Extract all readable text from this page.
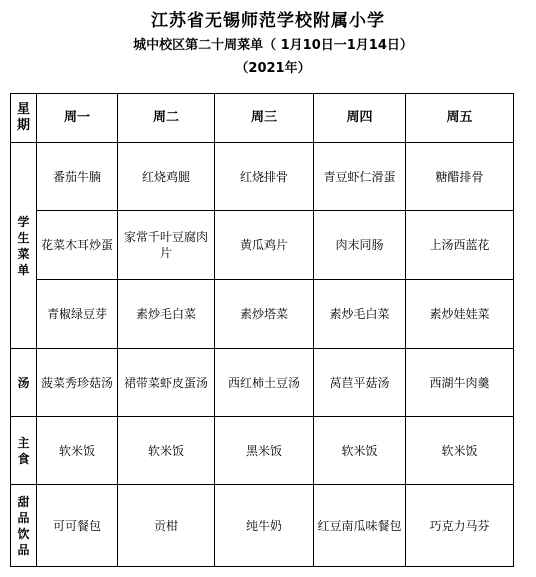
江苏省无锡师范学校附属小学
城中校区第二十周菜单（ 1月10日一1月14日）
（2021年）
星期	周一	周二	周三	周四	周五
学生菜单	番茄牛腩	红烧鸡腿	红烧排骨	青豆虾仁滑蛋	糖醋排骨

	花菜木耳炒蛋	家常千叶豆腐肉片	黄瓜鸡片	肉末同肠	上汤西蓝花

	青椒绿豆芽	素炒毛白菜	素炒塔菜	素炒毛白菜	素炒娃娃菜

汤	菠菜秀珍菇汤	裙带菜虾皮蛋汤	西红柿土豆汤	莴苣平菇汤	西湖牛肉羹

主食	软米饭	软米饭	黑米饭	软米饭	软米饭

甜品饮品	可可餐包	贡柑	纯牛奶	红豆南瓜味餐包	巧克力马芬
